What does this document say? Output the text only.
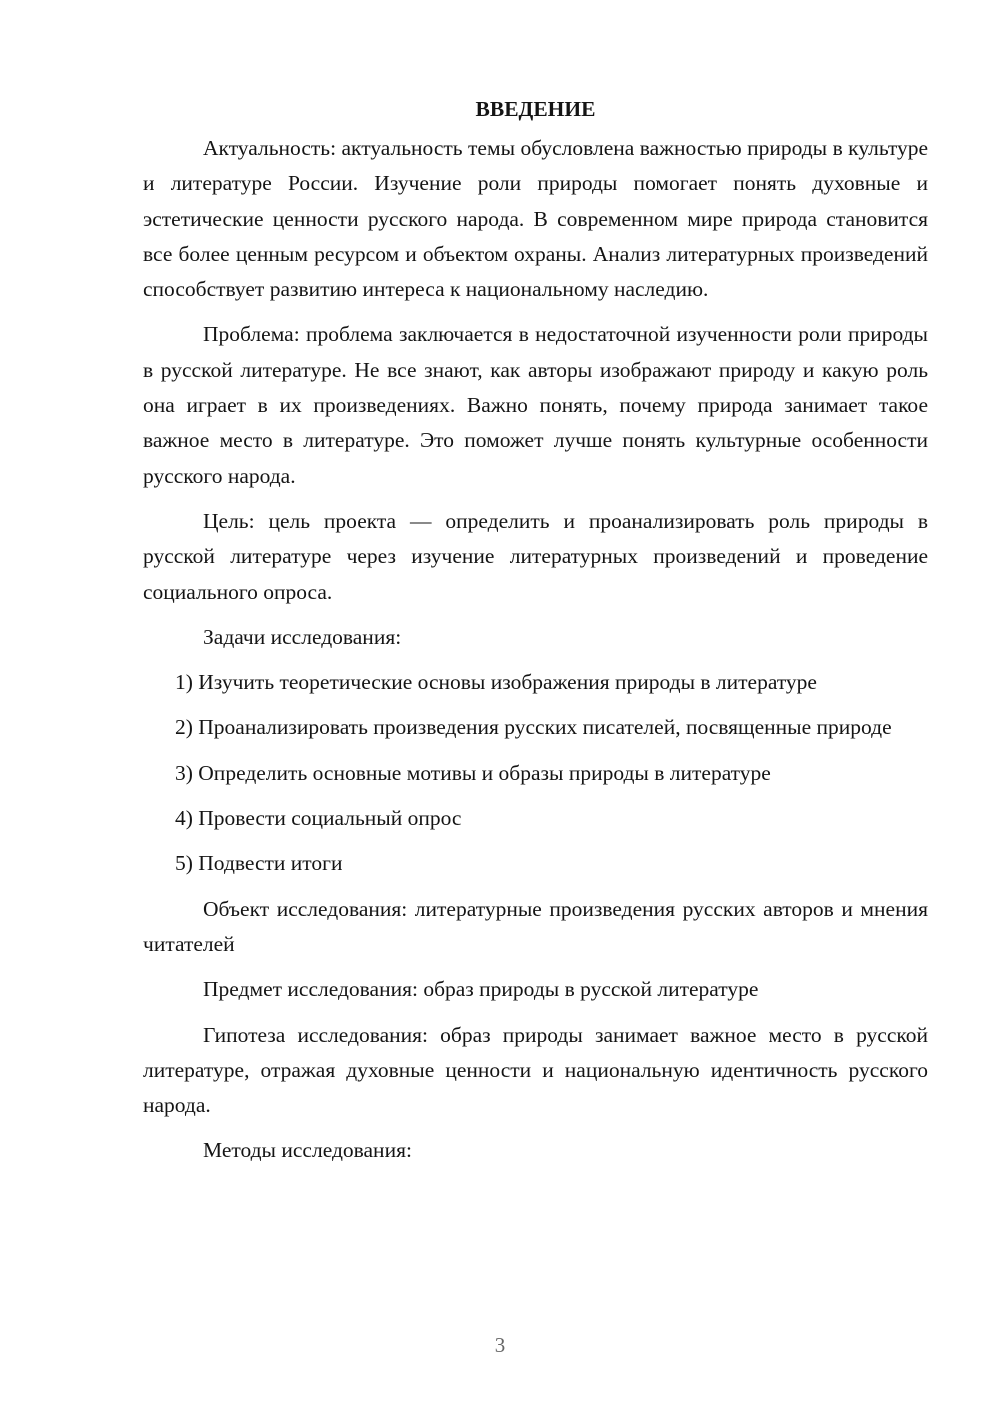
ВВЕДЕНИЕ

Актуальность: актуальность темы обусловлена важностью природы в культуре и литературе России. Изучение роли природы помогает понять духовные и эстетические ценности русского народа. В современном мире природа становится все более ценным ресурсом и объектом охраны. Анализ литературных произведений способствует развитию интереса к национальному наследию.

Проблема: проблема заключается в недостаточной изученности роли природы в русской литературе. Не все знают, как авторы изображают природу и какую роль она играет в их произведениях. Важно понять, почему природа занимает такое важное место в литературе. Это поможет лучше понять культурные особенности русского народа.

Цель: цель проекта — определить и проанализировать роль природы в русской литературе через изучение литературных произведений и проведение социального опроса.

Задачи исследования:

1) Изучить теоретические основы изображения природы в литературе

2) Проанализировать произведения русских писателей, посвященные природе

3) Определить основные мотивы и образы природы в литературе

4) Провести социальный опрос

5) Подвести итоги

Объект исследования: литературные произведения русских авторов и мнения читателей

Предмет исследования: образ природы в русской литературе

Гипотеза исследования: образ природы занимает важное место в русской литературе, отражая духовные ценности и национальную идентичность русского народа.

Методы исследования:

3
